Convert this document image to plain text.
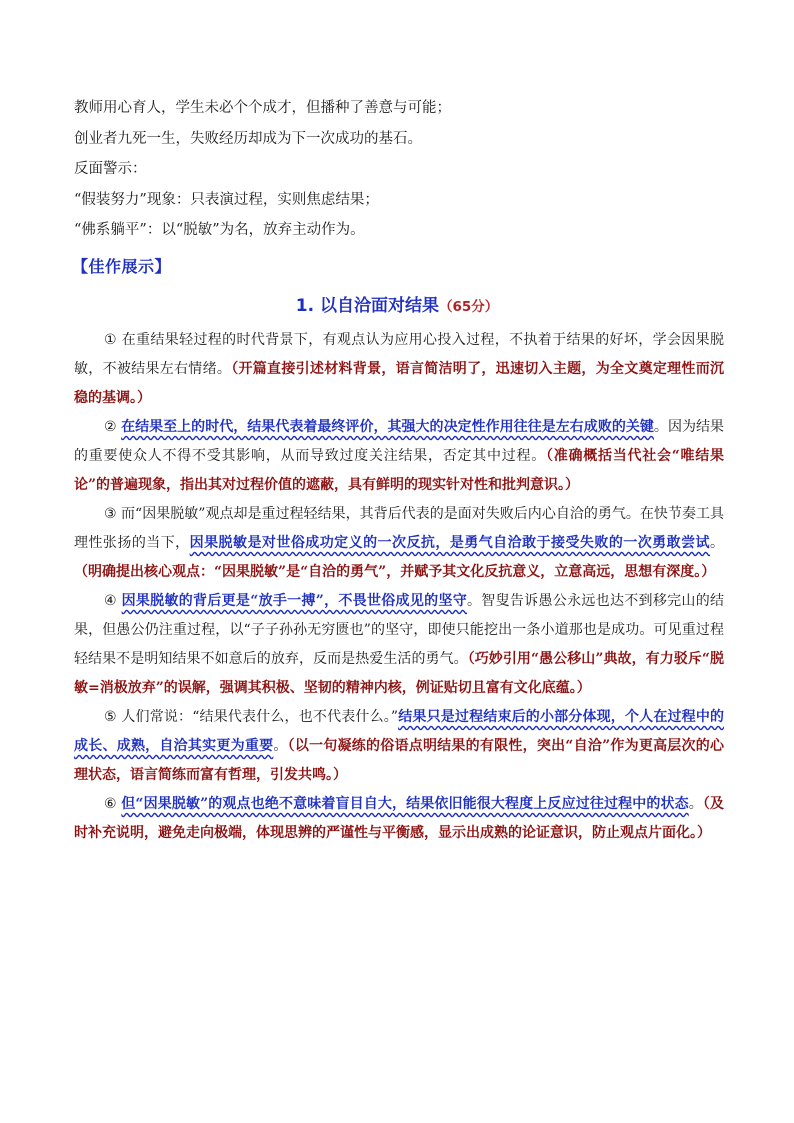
教师用心育人，学生未必个个成才，但播种了善意与可能；

创业者九死一生，失败经历却成为下一次成功的基石。

反面警示：

“假装努力”现象：只表演过程，实则焦虑结果；

“佛系躺平”：以“脱敏”为名，放弃主动作为。

【佳作展示】
1. 以自洽面对结果（65分）

① 在重结果轻过程的时代背景下，有观点认为应用心投入过程，不执着于结果的好坏，学会因果脱敏，不被结果左右情绪。（开篇直接引述材料背景，语言简洁明了，迅速切入主题，为全文奠定理性而沉稳的基调。）

② 在结果至上的时代，结果代表着最终评价，其强大的决定性作用往往是左右成败的关键。因为结果的重要使众人不得不受其影响，从而导致过度关注结果，否定其中过程。（准确概括当代社会“唯结果论”的普遍现象，指出其对过程价值的遮蔽，具有鲜明的现实针对性和批判意识。）

③ 而“因果脱敏”观点却是重过程轻结果，其背后代表的是面对失败后内心自洽的勇气。在快节奏工具理性张扬的当下，因果脱敏是对世俗成功定义的一次反抗，是勇气自洽敢于接受失败的一次勇敢尝试。（明确提出核心观点：“因果脱敏”是“自洽的勇气”，并赋予其文化反抗意义，立意高远，思想有深度。）

④ 因果脱敏的背后更是“放手一搏”，不畏世俗成见的坚守。智叟告诉愚公永远也达不到移完山的结果，但愚公仍注重过程，以“子子孙孙无穷匮也”的坚守，即使只能挖出一条小道那也是成功。可见重过程轻结果不是明知结果不如意后的放弃，反而是热爱生活的勇气。（巧妙引用“愚公移山”典故，有力驳斥“脱敏=消极放弃”的误解，强调其积极、坚韧的精神内核，例证贴切且富有文化底蕴。）

⑤ 人们常说：“结果代表什么，也不代表什么。”结果只是过程结束后的小部分体现，个人在过程中的成长、成熟，自洽其实更为重要。（以一句凝练的俗语点明结果的有限性，突出“自洽”作为更高层次的心理状态，语言简练而富有哲理，引发共鸣。）

⑥ 但“因果脱敏”的观点也绝不意味着盲目自大，结果依旧能很大程度上反应过往过程中的状态。（及时补充说明，避免走向极端，体现思辨的严谨性与平衡感，显示出成熟的论证意识，防止观点片面化。）
